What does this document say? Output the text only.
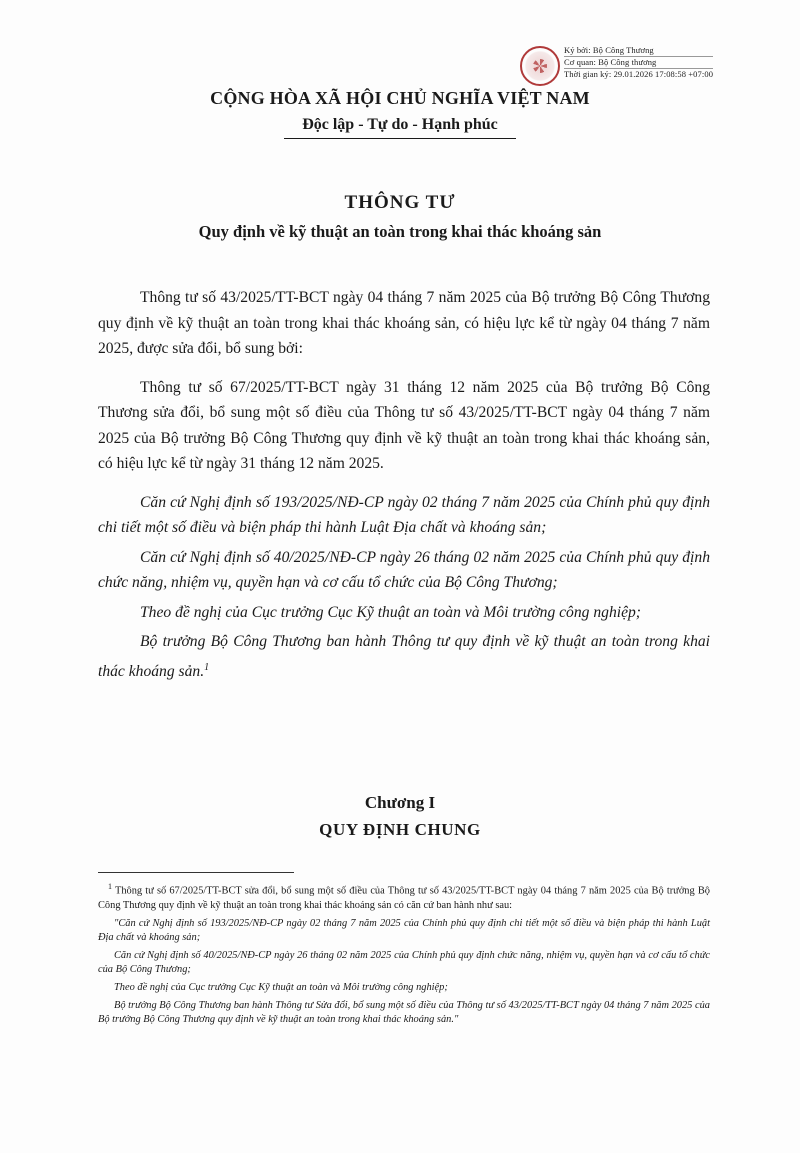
Ký bởi: Bộ Công Thương
Cơ quan: Bộ Công thương
Thời gian ký: 29.01.2026 17:08:58 +07:00
CỘNG HÒA XÃ HỘI CHỦ NGHĨA VIỆT NAM
Độc lập - Tự do - Hạnh phúc
THÔNG TƯ
Quy định về kỹ thuật an toàn trong khai thác khoáng sản

Thông tư số 43/2025/TT-BCT ngày 04 tháng 7 năm 2025 của Bộ trưởng Bộ Công Thương quy định về kỹ thuật an toàn trong khai thác khoáng sản, có hiệu lực kể từ ngày 04 tháng 7 năm 2025, được sửa đổi, bổ sung bởi:

Thông tư số 67/2025/TT-BCT ngày 31 tháng 12 năm 2025 của Bộ trưởng Bộ Công Thương sửa đổi, bổ sung một số điều của Thông tư số 43/2025/TT-BCT ngày 04 tháng 7 năm 2025 của Bộ trưởng Bộ Công Thương quy định về kỹ thuật an toàn trong khai thác khoáng sản, có hiệu lực kể từ ngày 31 tháng 12 năm 2025.

Căn cứ Nghị định số 193/2025/NĐ-CP ngày 02 tháng 7 năm 2025 của Chính phủ quy định chi tiết một số điều và biện pháp thi hành Luật Địa chất và khoáng sản;

Căn cứ Nghị định số 40/2025/NĐ-CP ngày 26 tháng 02 năm 2025 của Chính phủ quy định chức năng, nhiệm vụ, quyền hạn và cơ cấu tổ chức của Bộ Công Thương;

Theo đề nghị của Cục trưởng Cục Kỹ thuật an toàn và Môi trường công nghiệp;

Bộ trưởng Bộ Công Thương ban hành Thông tư quy định về kỹ thuật an toàn trong khai thác khoáng sản.$^1$

Chương I
QUY ĐỊNH CHUNG

$^1$ Thông tư số 67/2025/TT-BCT sửa đổi, bổ sung một số điều của Thông tư số 43/2025/TT-BCT ngày 04 tháng 7 năm 2025 của Bộ trưởng Bộ Công Thương quy định về kỹ thuật an toàn trong khai thác khoáng sản có căn cứ ban hành như sau:

"Căn cứ Nghị định số 193/2025/NĐ-CP ngày 02 tháng 7 năm 2025 của Chính phủ quy định chi tiết một số điều và biện pháp thi hành Luật Địa chất và khoáng sản;

Căn cứ Nghị định số 40/2025/NĐ-CP ngày 26 tháng 02 năm 2025 của Chính phủ quy định chức năng, nhiệm vụ, quyền hạn và cơ cấu tổ chức của Bộ Công Thương;

Theo đề nghị của Cục trưởng Cục Kỹ thuật an toàn và Môi trường công nghiệp;

Bộ trưởng Bộ Công Thương ban hành Thông tư Sửa đổi, bổ sung một số điều của Thông tư số 43/2025/TT-BCT ngày 04 tháng 7 năm 2025 của Bộ trưởng Bộ Công Thương quy định về kỹ thuật an toàn trong khai thác khoáng sản."
